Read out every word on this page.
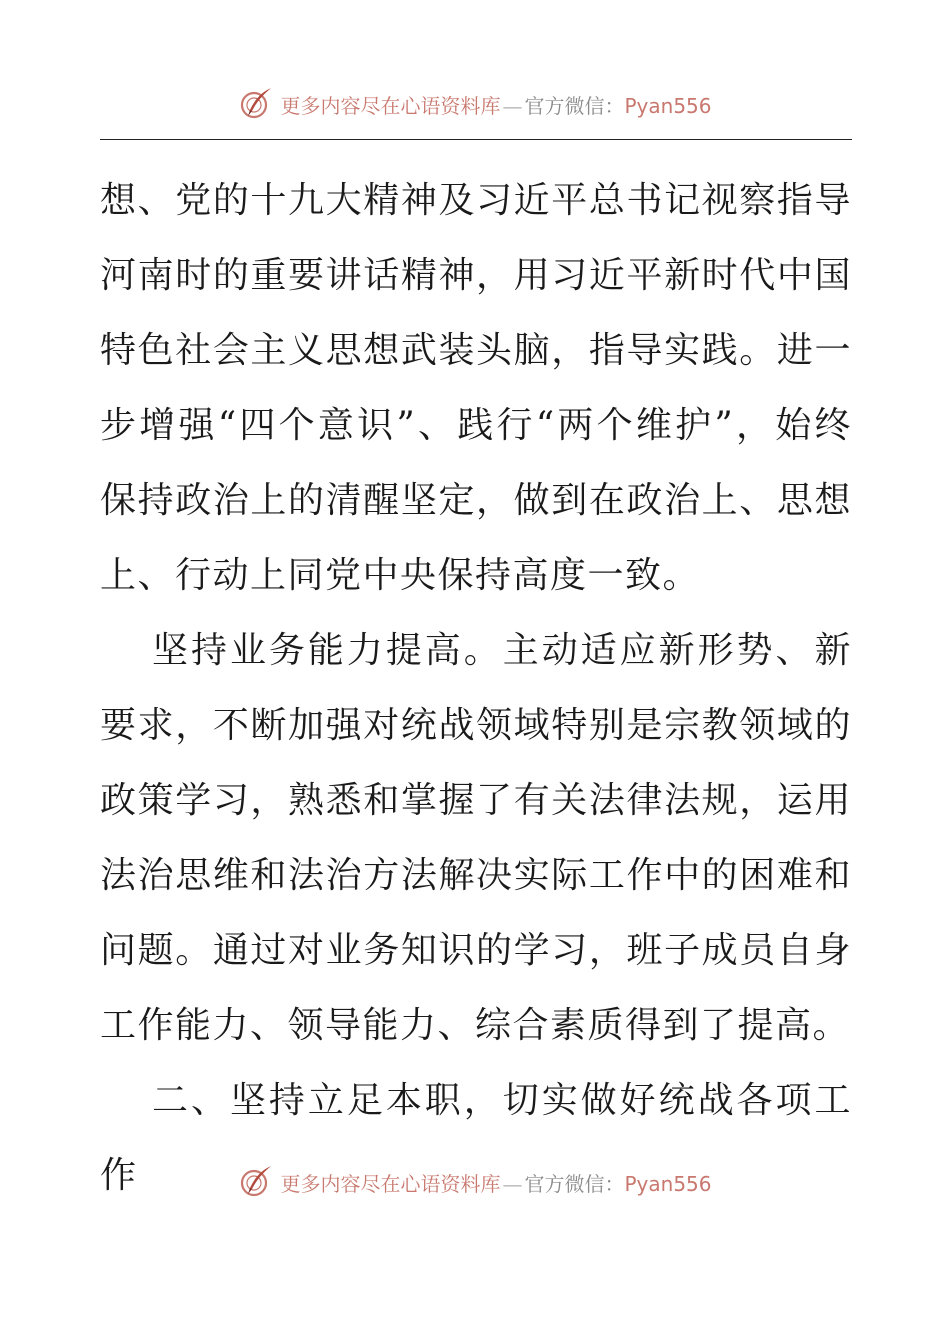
更多内容尽在心语资料库 — 官方微信：Pyan556

想、党的十九大精神及习近平总书记视察指导河南时的重要讲话精神，用习近平新时代中国特色社会主义思想武装头脑，指导实践。进一步增强“四个意识”、践行“两个维护”，始终保持政治上的清醒坚定，做到在政治上、思想上、行动上同党中央保持高度一致。

坚持业务能力提高。主动适应新形势、新要求，不断加强对统战领域特别是宗教领域的政策学习，熟悉和掌握了有关法律法规，运用法治思维和法治方法解决实际工作中的困难和问题。通过对业务知识的学习，班子成员自身工作能力、领导能力、综合素质得到了提高。

二、坚持立足本职，切实做好统战各项工作	更多内容尽在心语资料库 — 官方微信：Pyan556
